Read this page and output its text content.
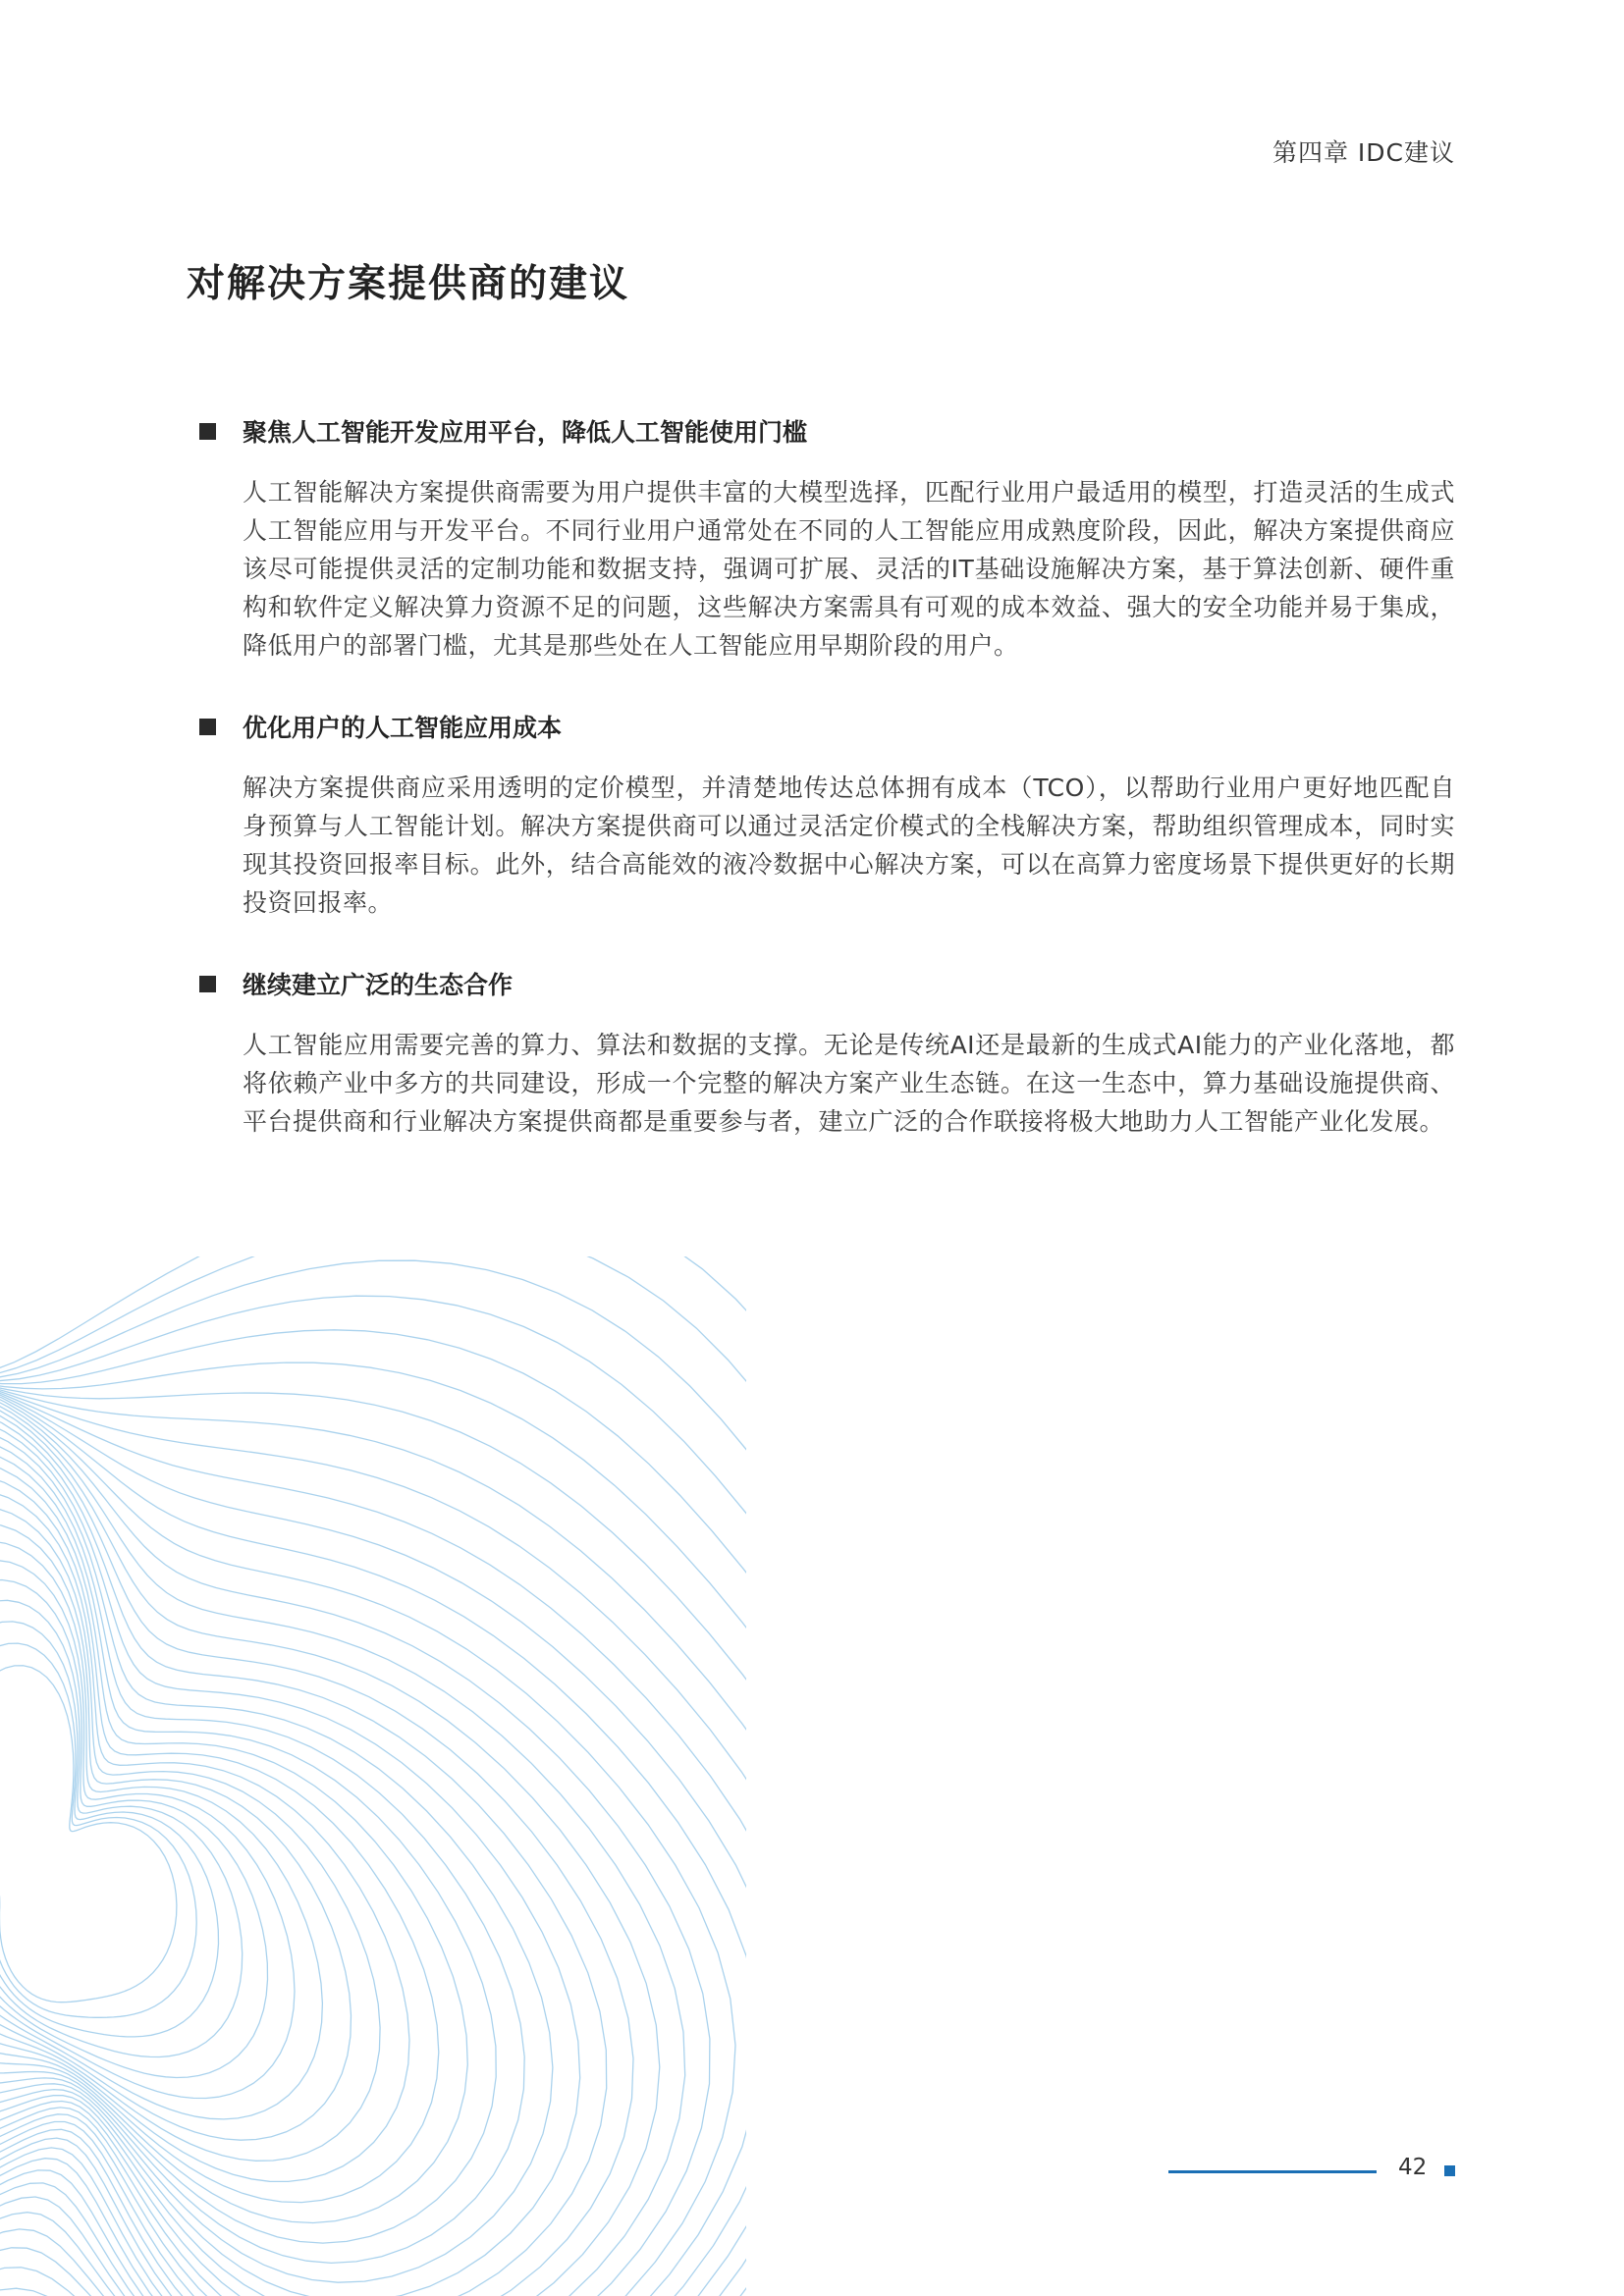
第四章 IDC建议
对解决方案提供商的建议
聚焦人工智能开发应用平台，降低人工智能使用门槛

人工智能解决方案提供商需要为用户提供丰富的大模型选择，匹配行业用户最适用的模型，打造灵活的生成式人工智能应用与开发平台。不同行业用户通常处在不同的人工智能应用成熟度阶段，因此，解决方案提供商应该尽可能提供灵活的定制功能和数据支持，强调可扩展、灵活的IT基础设施解决方案，基于算法创新、硬件重构和软件定义解决算力资源不足的问题，这些解决方案需具有可观的成本效益、强大的安全功能并易于集成，降低用户的部署门槛，尤其是那些处在人工智能应用早期阶段的用户。

优化用户的人工智能应用成本

解决方案提供商应采用透明的定价模型，并清楚地传达总体拥有成本（TCO），以帮助行业用户更好地匹配自身预算与人工智能计划。解决方案提供商可以通过灵活定价模式的全栈解决方案，帮助组织管理成本，同时实现其投资回报率目标。此外，结合高能效的液冷数据中心解决方案，可以在高算力密度场景下提供更好的长期投资回报率。

继续建立广泛的生态合作

人工智能应用需要完善的算力、算法和数据的支撑。无论是传统AI还是最新的生成式AI能力的产业化落地，都将依赖产业中多方的共同建设，形成一个完整的解决方案产业生态链。在这一生态中，算力基础设施提供商、平台提供商和行业解决方案提供商都是重要参与者，建立广泛的合作联接将极大地助力人工智能产业化发展。

42
